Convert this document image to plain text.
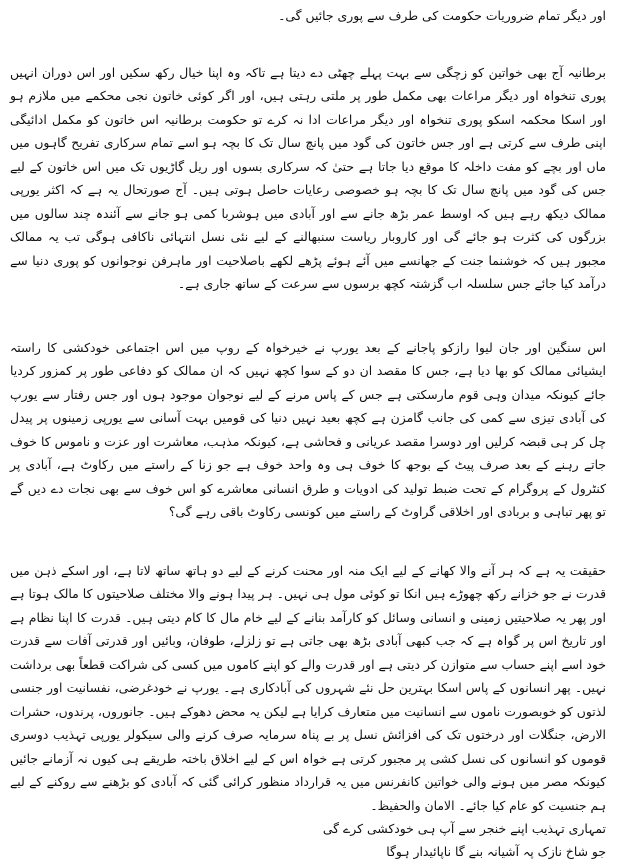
اور دیگر تمام ضروریات حکومت کی طرف سے پوری جائیں گی۔

برطانیہ آج بھی خواتین کو زچگی سے بہت پہلے چھٹی دے دیتا ہے تاکہ وہ اپنا خیال رکھ سکیں اور اس دوران انہیں پوری تنخواہ اور دیگر مراعات بھی مکمل طور پر ملتی رہتی ہیں، اور اگر کوئی خاتون نجی محکمے میں ملازم ہو اور اسکا محکمہ اسکو پوری تنخواہ اور دیگر مراعات ادا نہ کرے تو حکومت برطانیہ اس خاتون کو مکمل ادائیگی اپنی طرف سے کرتی ہے اور جس خاتون کی گود میں پانچ سال تک کا بچہ ہو اسے تمام سرکاری تفریح گاہوں میں ماں اور بچے کو مفت داخلہ کا موقع دیا جاتا ہے حتیٰ کہ سرکاری بسوں اور ریل گاڑیوں تک میں اس خاتون کے لیے جس کی گود میں پانچ سال تک کا بچہ ہو خصوصی رعایات حاصل ہوتی ہیں۔ آج صورتحال یہ ہے کہ اکثر یورپی ممالک دیکھ رہے ہیں کہ اوسط عمر بڑھ جانے سے اور آبادی میں ہوشربا کمی ہو جانے سے آئندہ چند سالوں میں بزرگوں کی کثرت ہو جائے گی اور کاروبار ریاست سنبھالنے کے لیے نئی نسل انتہائی ناکافی ہوگی تب یہ ممالک مجبور ہیں کہ خوشنما جنت کے جھانسے میں آئے ہوئے پڑھے لکھے باصلاحیت اور ماہرفن نوجوانوں کو پوری دنیا سے درآمد کیا جائے جس سلسلہ اب گزشتہ کچھ برسوں سے سرعت کے ساتھ جاری ہے۔

اس سنگین اور جان لیوا رازکو پاجانے کے بعد یورپ نے خیرخواہ کے روپ میں اس اجتماعی خودکشی کا راستہ ایشیائی ممالک کو بھا دیا ہے، جس کا مقصد ان دو کے سوا کچھ نہیں کہ ان ممالک کو دفاعی طور پر کمزور کردیا جائے کیونکہ میدان وہی قوم مارسکتی ہے جس کے پاس مرنے کے لیے نوجوان موجود ہوں اور جس رفتار سے یورپ کی آبادی تیزی سے کمی کی جانب گامزن ہے کچھ بعید نہیں دنیا کی قومیں بہت آسانی سے یورپی زمینوں پر پیدل چل کر ہی قبضہ کرلیں اور دوسرا مقصد عریانی و فحاشی ہے، کیونکہ مذہب، معاشرت اور عزت و ناموس کا خوف جاتے رہنے کے بعد صرف پیٹ کے بوجھ کا خوف ہی وہ واحد خوف ہے جو زنا کے راستے میں رکاوٹ ہے، آبادی پر کنٹرول کے پروگرام کے تحت ضبط تولید کی ادویات و طرق انسانی معاشرے کو اس خوف سے بھی نجات دے دیں گے تو پھر تباہی و بربادی اور اخلاقی گراوٹ کے راستے میں کونسی رکاوٹ باقی رہے گی؟

حقیقت یہ ہے کہ ہر آنے والا کھانے کے لیے ایک منہ اور محنت کرنے کے لیے دو ہاتھ ساتھ لاتا ہے، اور اسکے ذہن میں قدرت نے جو خزانے رکھ چھوڑے ہیں انکا تو کوئی مول ہی نہیں۔ ہر پیدا ہونے والا مختلف صلاحیتوں کا مالک ہوتا ہے اور پھر یہ صلاحیتیں زمینی و انسانی وسائل کو کارآمد بنانے کے لیے خام مال کا کام دیتی ہیں۔ قدرت کا اپنا نظام ہے اور تاریخ اس پر گواہ ہے کہ جب کبھی آبادی بڑھ بھی جاتی ہے تو زلزلے، طوفان، وبائیں اور قدرتی آفات سے قدرت خود اسے اپنے حساب سے متوازن کر دیتی ہے اور قدرت والے کو اپنے کاموں میں کسی کی شراکت قطعاً بھی برداشت نہیں۔ پھر انسانوں کے پاس اسکا بہترین حل نئے شہروں کی آبادکاری ہے۔ یورپ نے خودغرضی، نفسانیت اور جنسی لذتوں کو خوبصورت ناموں سے انسانیت میں متعارف کرایا ہے لیکن یہ محض دھوکے ہیں۔ جانوروں، پرندوں، حشرات الارض، جنگلات اور درختوں تک کی افزائش نسل پر بے پناہ سرمایہ صرف کرنے والی سیکولر یورپی تہذیب دوسری قوموں کو انسانوں کی نسل کشی پر مجبور کرتی ہے خواہ اس کے لیے اخلاق باختہ طریقے ہی کیوں نہ آزمانے جائیں کیونکہ مصر میں ہونے والی خواتین کانفرنس میں یہ قرارداد منظور کرائی گئی کہ آبادی کو بڑھنے سے روکنے کے لیے ہم جنسیت کو عام کیا جائے۔ الامان والحفیظ۔

تمہاری تہذیب اپنے خنجر سے آپ ہی خودکشی کرے گی

جو شاخ نازک پہ آشیانہ بنے گا ناپائیدار ہوگا
